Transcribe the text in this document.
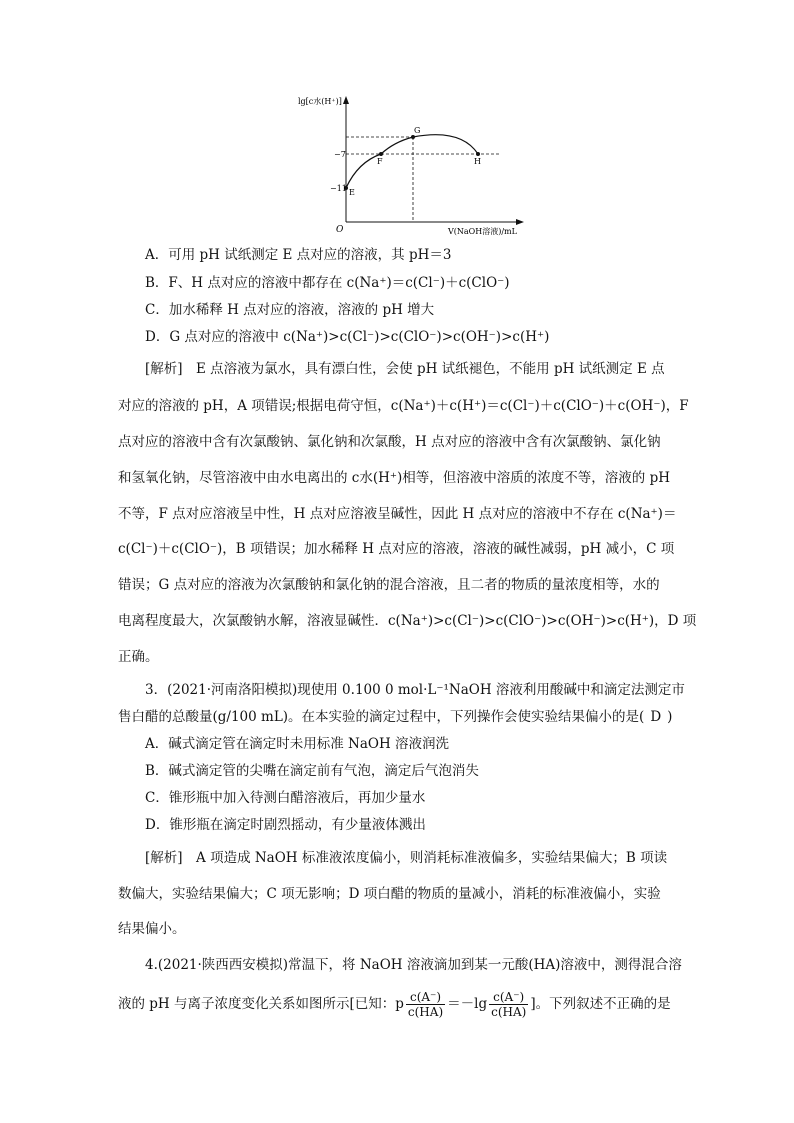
lg[c水(H⁺)]
−7
−11
O	V(NaOH溶液)/mL
E
F
G
H
A．可用 pH 试纸测定 E 点对应的溶液，其 pH＝3
B．F、H 点对应的溶液中都存在 c(Na⁺)＝c(Cl⁻)＋c(ClO⁻)
C．加水稀释 H 点对应的溶液，溶液的 pH 增大
D．G 点对应的溶液中 c(Na⁺)>c(Cl⁻)>c(ClO⁻)>c(OH⁻)>c(H⁺)
[解析]　E 点溶液为氯水，具有漂白性，会使 pH 试纸褪色，不能用 pH 试纸测定 E 点
对应的溶液的 pH，A 项错误;根据电荷守恒，c(Na⁺)＋c(H⁺)＝c(Cl⁻)＋c(ClO⁻)＋c(OH⁻)，F
点对应的溶液中含有次氯酸钠、氯化钠和次氯酸，H 点对应的溶液中含有次氯酸钠、氯化钠
和氢氧化钠，尽管溶液中由水电离出的 c水(H⁺)相等，但溶液中溶质的浓度不等，溶液的 pH
不等，F 点对应溶液呈中性，H 点对应溶液呈碱性，因此 H 点对应的溶液中不存在 c(Na⁺)＝
c(Cl⁻)＋c(ClO⁻)，B 项错误；加水稀释 H 点对应的溶液，溶液的碱性减弱，pH 减小，C 项
错误；G 点对应的溶液为次氯酸钠和氯化钠的混合溶液，且二者的物质的量浓度相等，水的
电离程度最大，次氯酸钠水解，溶液显碱性．c(Na⁺)>c(Cl⁻)>c(ClO⁻)>c(OH⁻)>c(H⁺)，D 项
正确。
3．(2021·河南洛阳模拟)现使用 0.100 0 mol·L⁻¹NaOH 溶液利用酸碱中和滴定法测定市
售白醋的总酸量(g/100 mL)。在本实验的滴定过程中，下列操作会使实验结果偏小的是( D )
A．碱式滴定管在滴定时未用标准 NaOH 溶液润洗
B．碱式滴定管的尖嘴在滴定前有气泡，滴定后气泡消失
C．锥形瓶中加入待测白醋溶液后，再加少量水
D．锥形瓶在滴定时剧烈摇动，有少量液体溅出
[解析]　A 项造成 NaOH 标准液浓度偏小，则消耗标准液偏多，实验结果偏大；B 项读
数偏大，实验结果偏大；C 项无影响；D 项白醋的物质的量减小，消耗的标准液偏小，实验
结果偏小。
4.(2021·陕西西安模拟)常温下，将 NaOH 溶液滴加到某一元酸(HA)溶液中，测得混合溶
液的 pH 与离子浓度变化关系如图所示[已知：p $\frac{c(A^-)}{c(HA)} =-\lg \frac{c(A^-)}{c(HA)}$ ]。下列叙述不正确的是
